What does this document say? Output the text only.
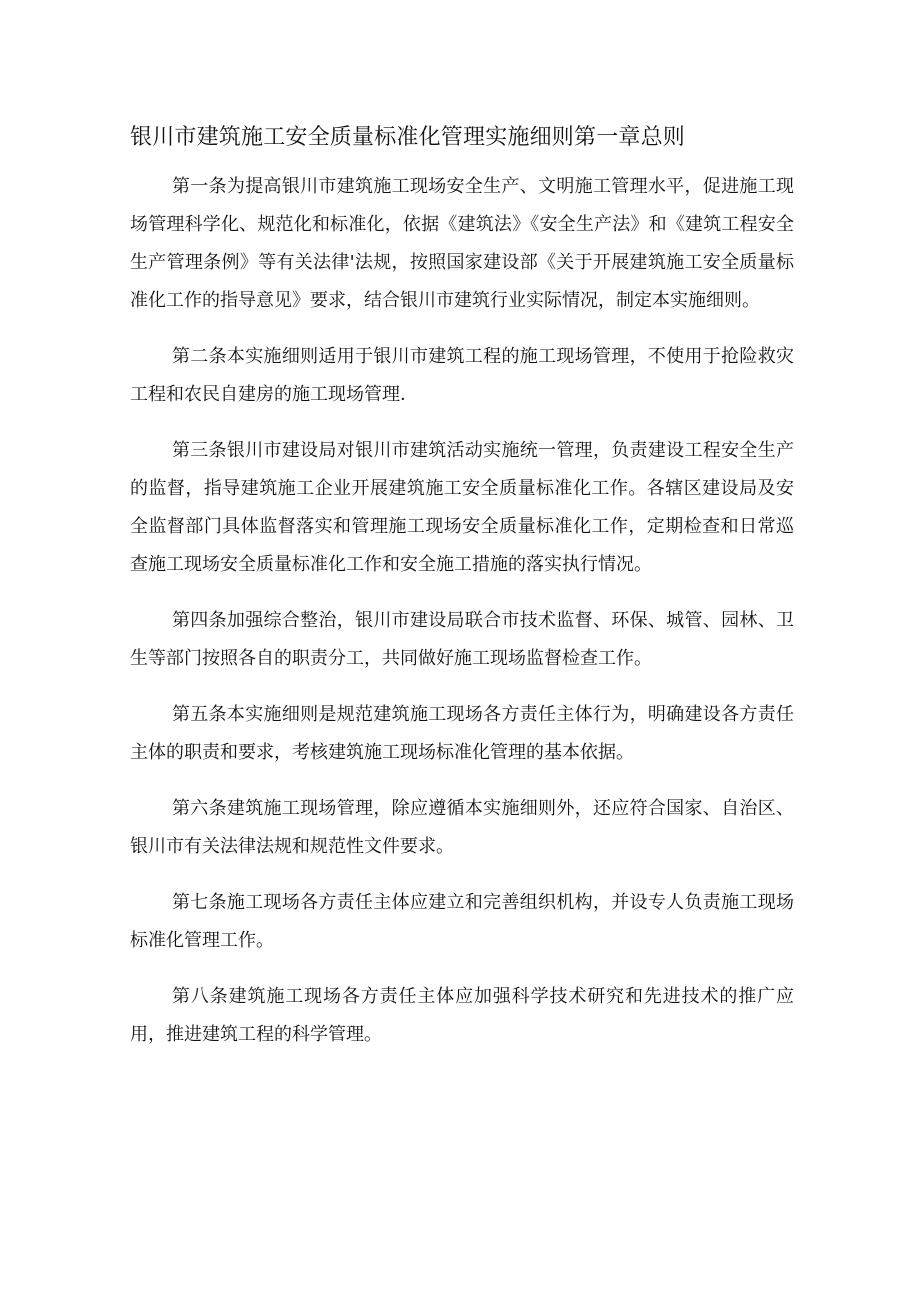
银川市建筑施工安全质量标准化管理实施细则第一章总则

第一条为提高银川市建筑施工现场安全生产、文明施工管理水平，促进施工现场管理科学化、规范化和标准化，依据《建筑法》《安全生产法》和《建筑工程安全生产管理条例》等有关法律'法规，按照国家建设部《关于开展建筑施工安全质量标准化工作的指导意见》要求，结合银川市建筑行业实际情况，制定本实施细则。

第二条本实施细则适用于银川市建筑工程的施工现场管理，不使用于抢险救灾工程和农民自建房的施工现场管理.

第三条银川市建设局对银川市建筑活动实施统一管理，负责建设工程安全生产的监督，指导建筑施工企业开展建筑施工安全质量标准化工作。各辖区建设局及安全监督部门具体监督落实和管理施工现场安全质量标准化工作，定期检查和日常巡查施工现场安全质量标准化工作和安全施工措施的落实执行情况。

第四条加强综合整治，银川市建设局联合市技术监督、环保、城管、园林、卫生等部门按照各自的职责分工，共同做好施工现场监督检查工作。

第五条本实施细则是规范建筑施工现场各方责任主体行为，明确建设各方责任主体的职责和要求，考核建筑施工现场标准化管理的基本依据。

第六条建筑施工现场管理，除应遵循本实施细则外，还应符合国家、自治区、银川市有关法律法规和规范性文件要求。

第七条施工现场各方责任主体应建立和完善组织机构，并设专人负责施工现场标准化管理工作。

第八条建筑施工现场各方责任主体应加强科学技术研究和先进技术的推广应用，推进建筑工程的科学管理。
